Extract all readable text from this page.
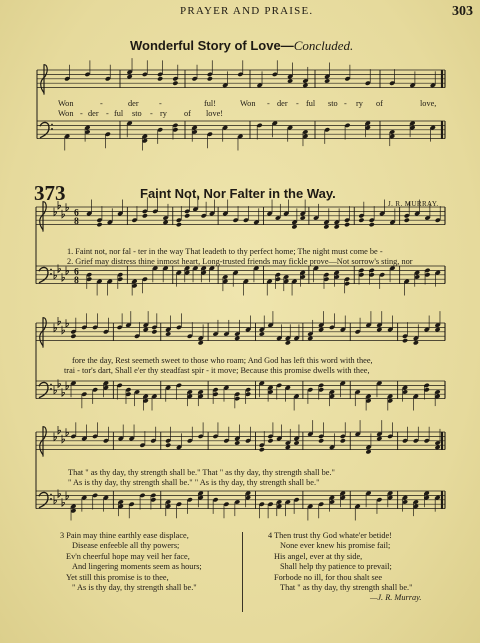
PRAYER AND PRAISE.	303
Wonderful Story of Love—Concluded.
373	Faint Not, Nor Falter in the Way.
J. R. MURRAY.
Won	-	der -	ful!	Won - der - ful sto - ry of	love,
Won - der - ful sto - ry of love!
1. Faint not, nor fal - ter in the way That leadeth to thy perfect home; The night must come be -
2. Grief may distress thine inmost heart, Long-trusted friends may fickle prove—Not sorrow's sting, nor
fore the day, Rest seemeth sweet to those who roam; And God has left this word with thee,
trai - tor's dart, Shall e'er thy steadfast spir - it move; Because this promise dwells with thee,
That " as thy day, thy strength shall be." That " as thy day, thy strength shall be."
" As is thy day, thy strength shall be." " As is thy day, thy strength shall be."
3 Pain may thine earthly ease displace,
Disease enfeeble all thy powers;
Ev'n cheerful hope may veil her face,
And lingering moments seem as hours;
Yet still this promise is to thee,
" As is thy day, thy strength shall be."
4 Then trust thy God whate'er betide!
None ever knew his promise fail;
His angel, ever at thy side,
Shall help thy patience to prevail;
Forbode no ill, for thou shalt see
That " as thy day, thy strength shall be."
—J. R. Murray.
6
8
6
8
